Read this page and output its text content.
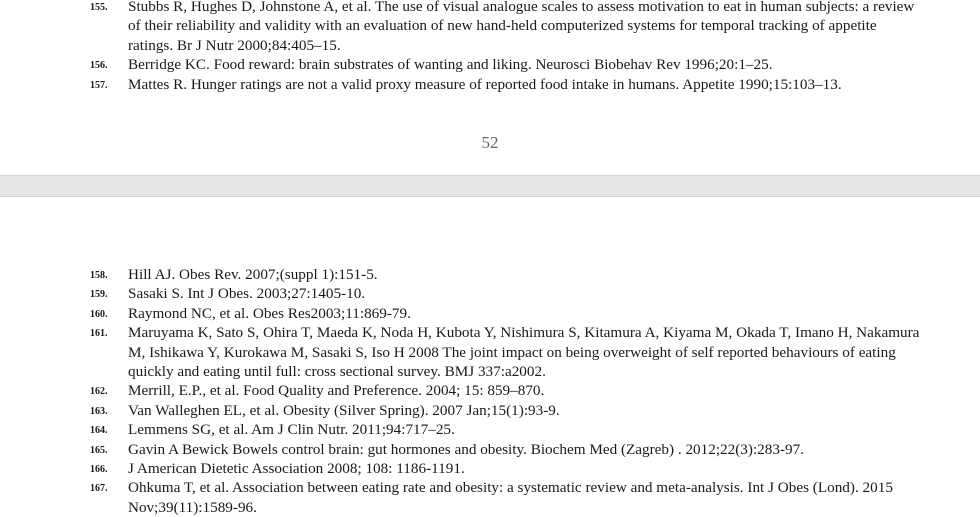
155.	Stubbs R, Hughes D, Johnstone A, et al. The use of visual analogue scales to assess motivation to eat in human subjects: a review of their reliability and validity with an evaluation of new hand-held computerized systems for temporal tracking of appetite ratings. Br J Nutr 2000;84:405–15.
156.	Berridge KC. Food reward: brain substrates of wanting and liking. Neurosci Biobehav Rev 1996;20:1–25.
157.	Mattes R. Hunger ratings are not a valid proxy measure of reported food intake in humans. Appetite 1990;15:103–13.
52
158.	Hill AJ. Obes Rev. 2007;(suppl 1):151-5.
159.	Sasaki S. Int J Obes. 2003;27:1405-10.
160.	Raymond NC, et al. Obes Res2003;11:869-79.
161.	Maruyama K, Sato S, Ohira T, Maeda K, Noda H, Kubota Y, Nishimura S, Kitamura A, Kiyama M, Okada T, Imano H, Nakamura M, Ishikawa Y, Kurokawa M, Sasaki S, Iso H 2008 The joint impact on being overweight of self reported behaviours of eating quickly and eating until full: cross sectional survey. BMJ 337:a2002.
162.	Merrill, E.P., et al. Food Quality and Preference. 2004; 15: 859–870.
163.	Van Walleghen EL, et al. Obesity (Silver Spring). 2007 Jan;15(1):93-9.
164.	Lemmens SG, et al. Am J Clin Nutr. 2011;94:717–25.
165.	Gavin A Bewick Bowels control brain: gut hormones and obesity. Biochem Med (Zagreb) . 2012;22(3):283-97.
166.	J American Dietetic Association 2008; 108: 1186-1191.
167.	Ohkuma T, et al. Association between eating rate and obesity: a systematic review and meta-analysis. Int J Obes (Lond). 2015 Nov;39(11):1589-96.
